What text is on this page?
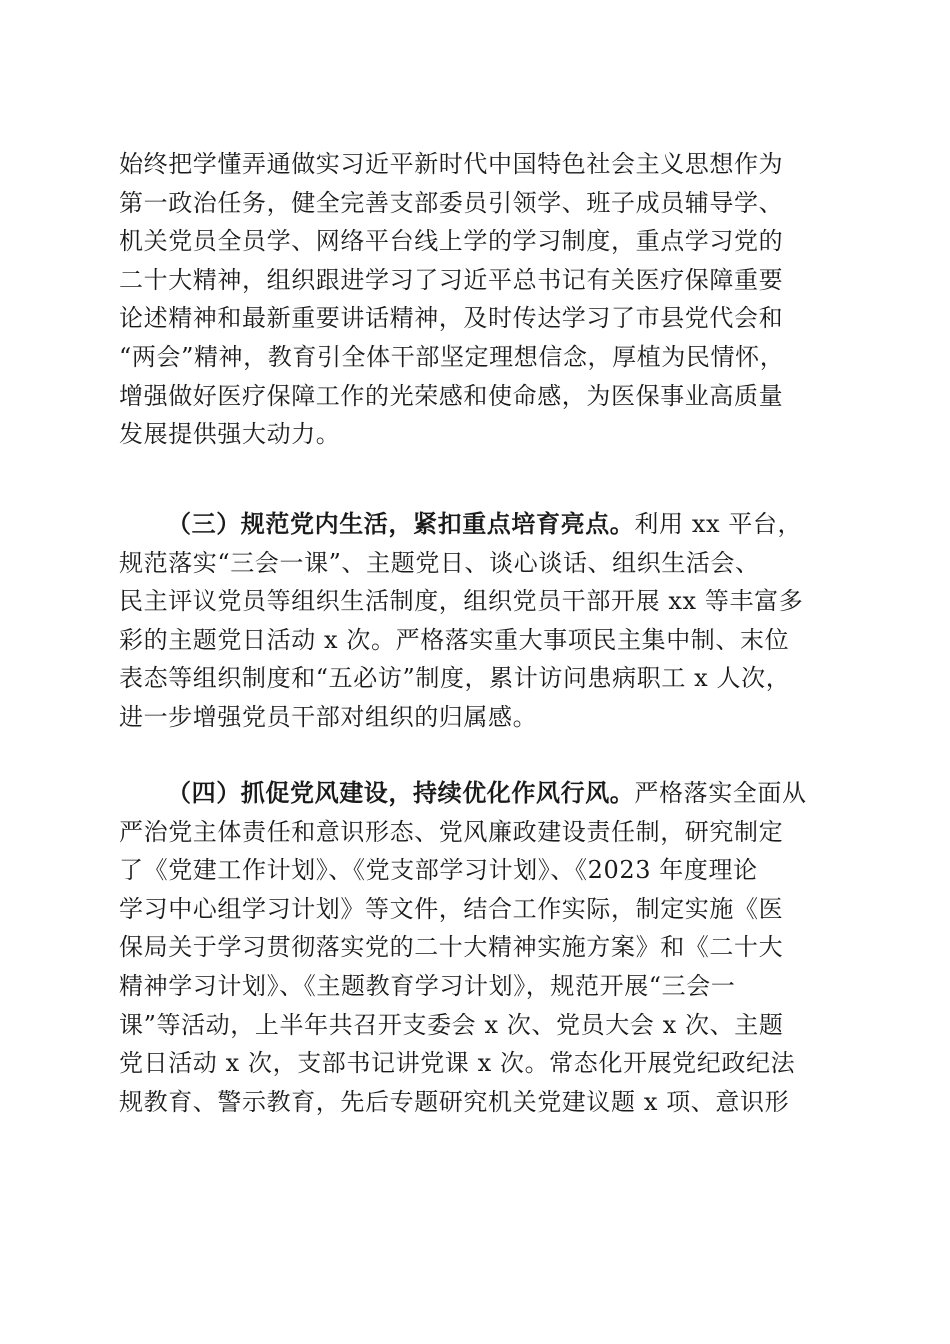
始终把学懂弄通做实习近平新时代中国特色社会主义思想作为
第一政治任务，健全完善支部委员引领学、班子成员辅导学、
机关党员全员学、网络平台线上学的学习制度，重点学习党的
二十大精神，组织跟进学习了习近平总书记有关医疗保障重要
论述精神和最新重要讲话精神，及时传达学习了市县党代会和
“两会”精神，教育引全体干部坚定理想信念，厚植为民情怀，
增强做好医疗保障工作的光荣感和使命感，为医保事业高质量
发展提供强大动力。
（三）规范党内生活，紧扣重点培育亮点。利用 xx 平台，
规范落实“三会一课”、主题党日、谈心谈话、组织生活会、
民主评议党员等组织生活制度，组织党员干部开展 xx 等丰富多
彩的主题党日活动 x 次。严格落实重大事项民主集中制、末位
表态等组织制度和“五必访”制度，累计访问患病职工 x 人次，
进一步增强党员干部对组织的归属感。
（四）抓促党风建设，持续优化作风行风。严格落实全面从
严治党主体责任和意识形态、党风廉政建设责任制，研究制定
了《党建工作计划》、《党支部学习计划》、《2023 年度理论
学习中心组学习计划》等文件，结合工作实际，制定实施《医
保局关于学习贯彻落实党的二十大精神实施方案》和《二十大
精神学习计划》、《主题教育学习计划》，规范开展“三会一
课”等活动，上半年共召开支委会 x 次、党员大会 x 次、主题
党日活动 x 次，支部书记讲党课 x 次。常态化开展党纪政纪法
规教育、警示教育，先后专题研究机关党建议题 x 项、意识形
